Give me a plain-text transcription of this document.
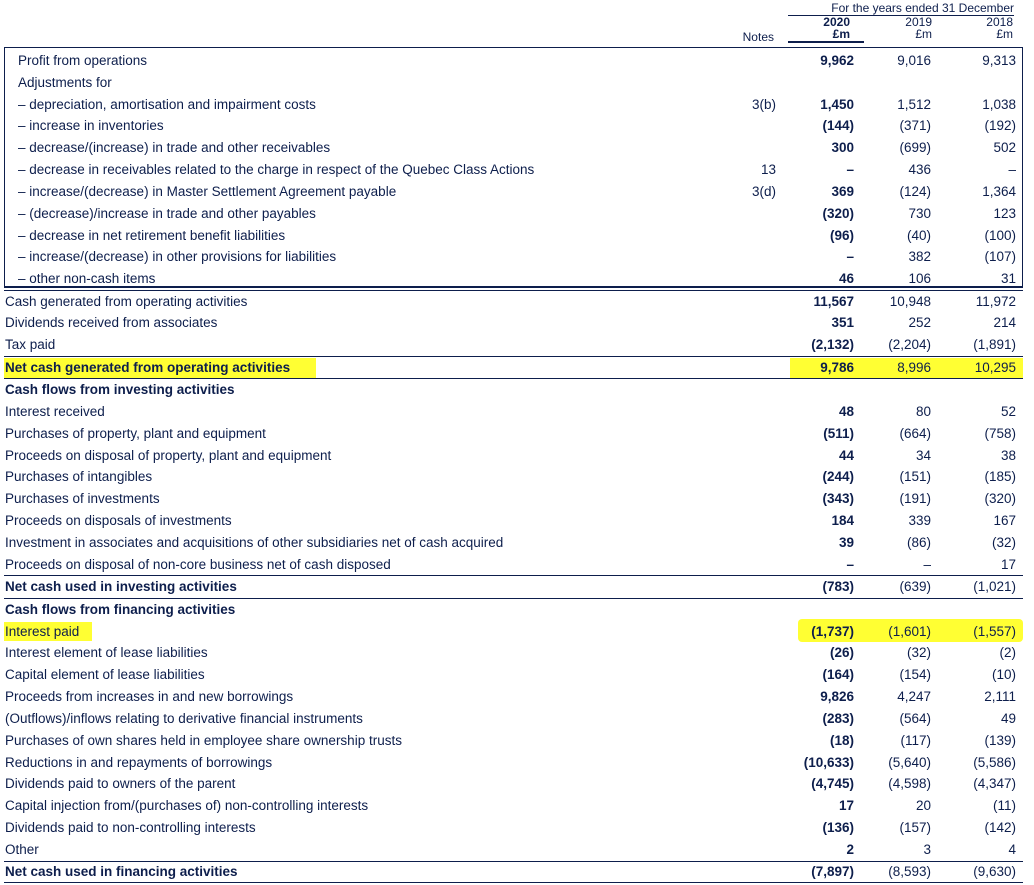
For the years ended 31 December
Notes
2020	2019	2018
£m	£m	£m
Profit from operations	9,962	9,016	9,313
Adjustments for
– depreciation, amortisation and impairment costs	3(b)	1,450	1,512	1,038
– increase in inventories	(144)	(371)	(192)
– decrease/(increase) in trade and other receivables	300	(699)	502
– decrease in receivables related to the charge in respect of the Quebec Class Actions	13	–	436	–
– increase/(decrease) in Master Settlement Agreement payable	3(d)	369	(124)	1,364
– (decrease)/increase in trade and other payables	(320)	730	123
– decrease in net retirement benefit liabilities	(96)	(40)	(100)
– increase/(decrease) in other provisions for liabilities	–	382	(107)
– other non-cash items	46	106	31
Cash generated from operating activities	11,567	10,948	11,972
Dividends received from associates	351	252	214
Tax paid	(2,132)	(2,204)	(1,891)
Net cash generated from operating activities	9,786	8,996	10,295
Cash flows from investing activities
Interest received	48	80	52
Purchases of property, plant and equipment	(511)	(664)	(758)
Proceeds on disposal of property, plant and equipment	44	34	38
Purchases of intangibles	(244)	(151)	(185)
Purchases of investments	(343)	(191)	(320)
Proceeds on disposals of investments	184	339	167
Investment in associates and acquisitions of other subsidiaries net of cash acquired	39	(86)	(32)
Proceeds on disposal of non-core business net of cash disposed	–	–	17
Net cash used in investing activities	(783)	(639)	(1,021)
Cash flows from financing activities
Interest paid	(1,737)	(1,601)	(1,557)
Interest element of lease liabilities	(26)	(32)	(2)
Capital element of lease liabilities	(164)	(154)	(10)
Proceeds from increases in and new borrowings	9,826	4,247	2,111
(Outflows)/inflows relating to derivative financial instruments	(283)	(564)	49
Purchases of own shares held in employee share ownership trusts	(18)	(117)	(139)
Reductions in and repayments of borrowings	(10,633)	(5,640)	(5,586)
Dividends paid to owners of the parent	(4,745)	(4,598)	(4,347)
Capital injection from/(purchases of) non-controlling interests	17	20	(11)
Dividends paid to non-controlling interests	(136)	(157)	(142)
Other	2	3	4
Net cash used in financing activities	(7,897)	(8,593)	(9,630)
